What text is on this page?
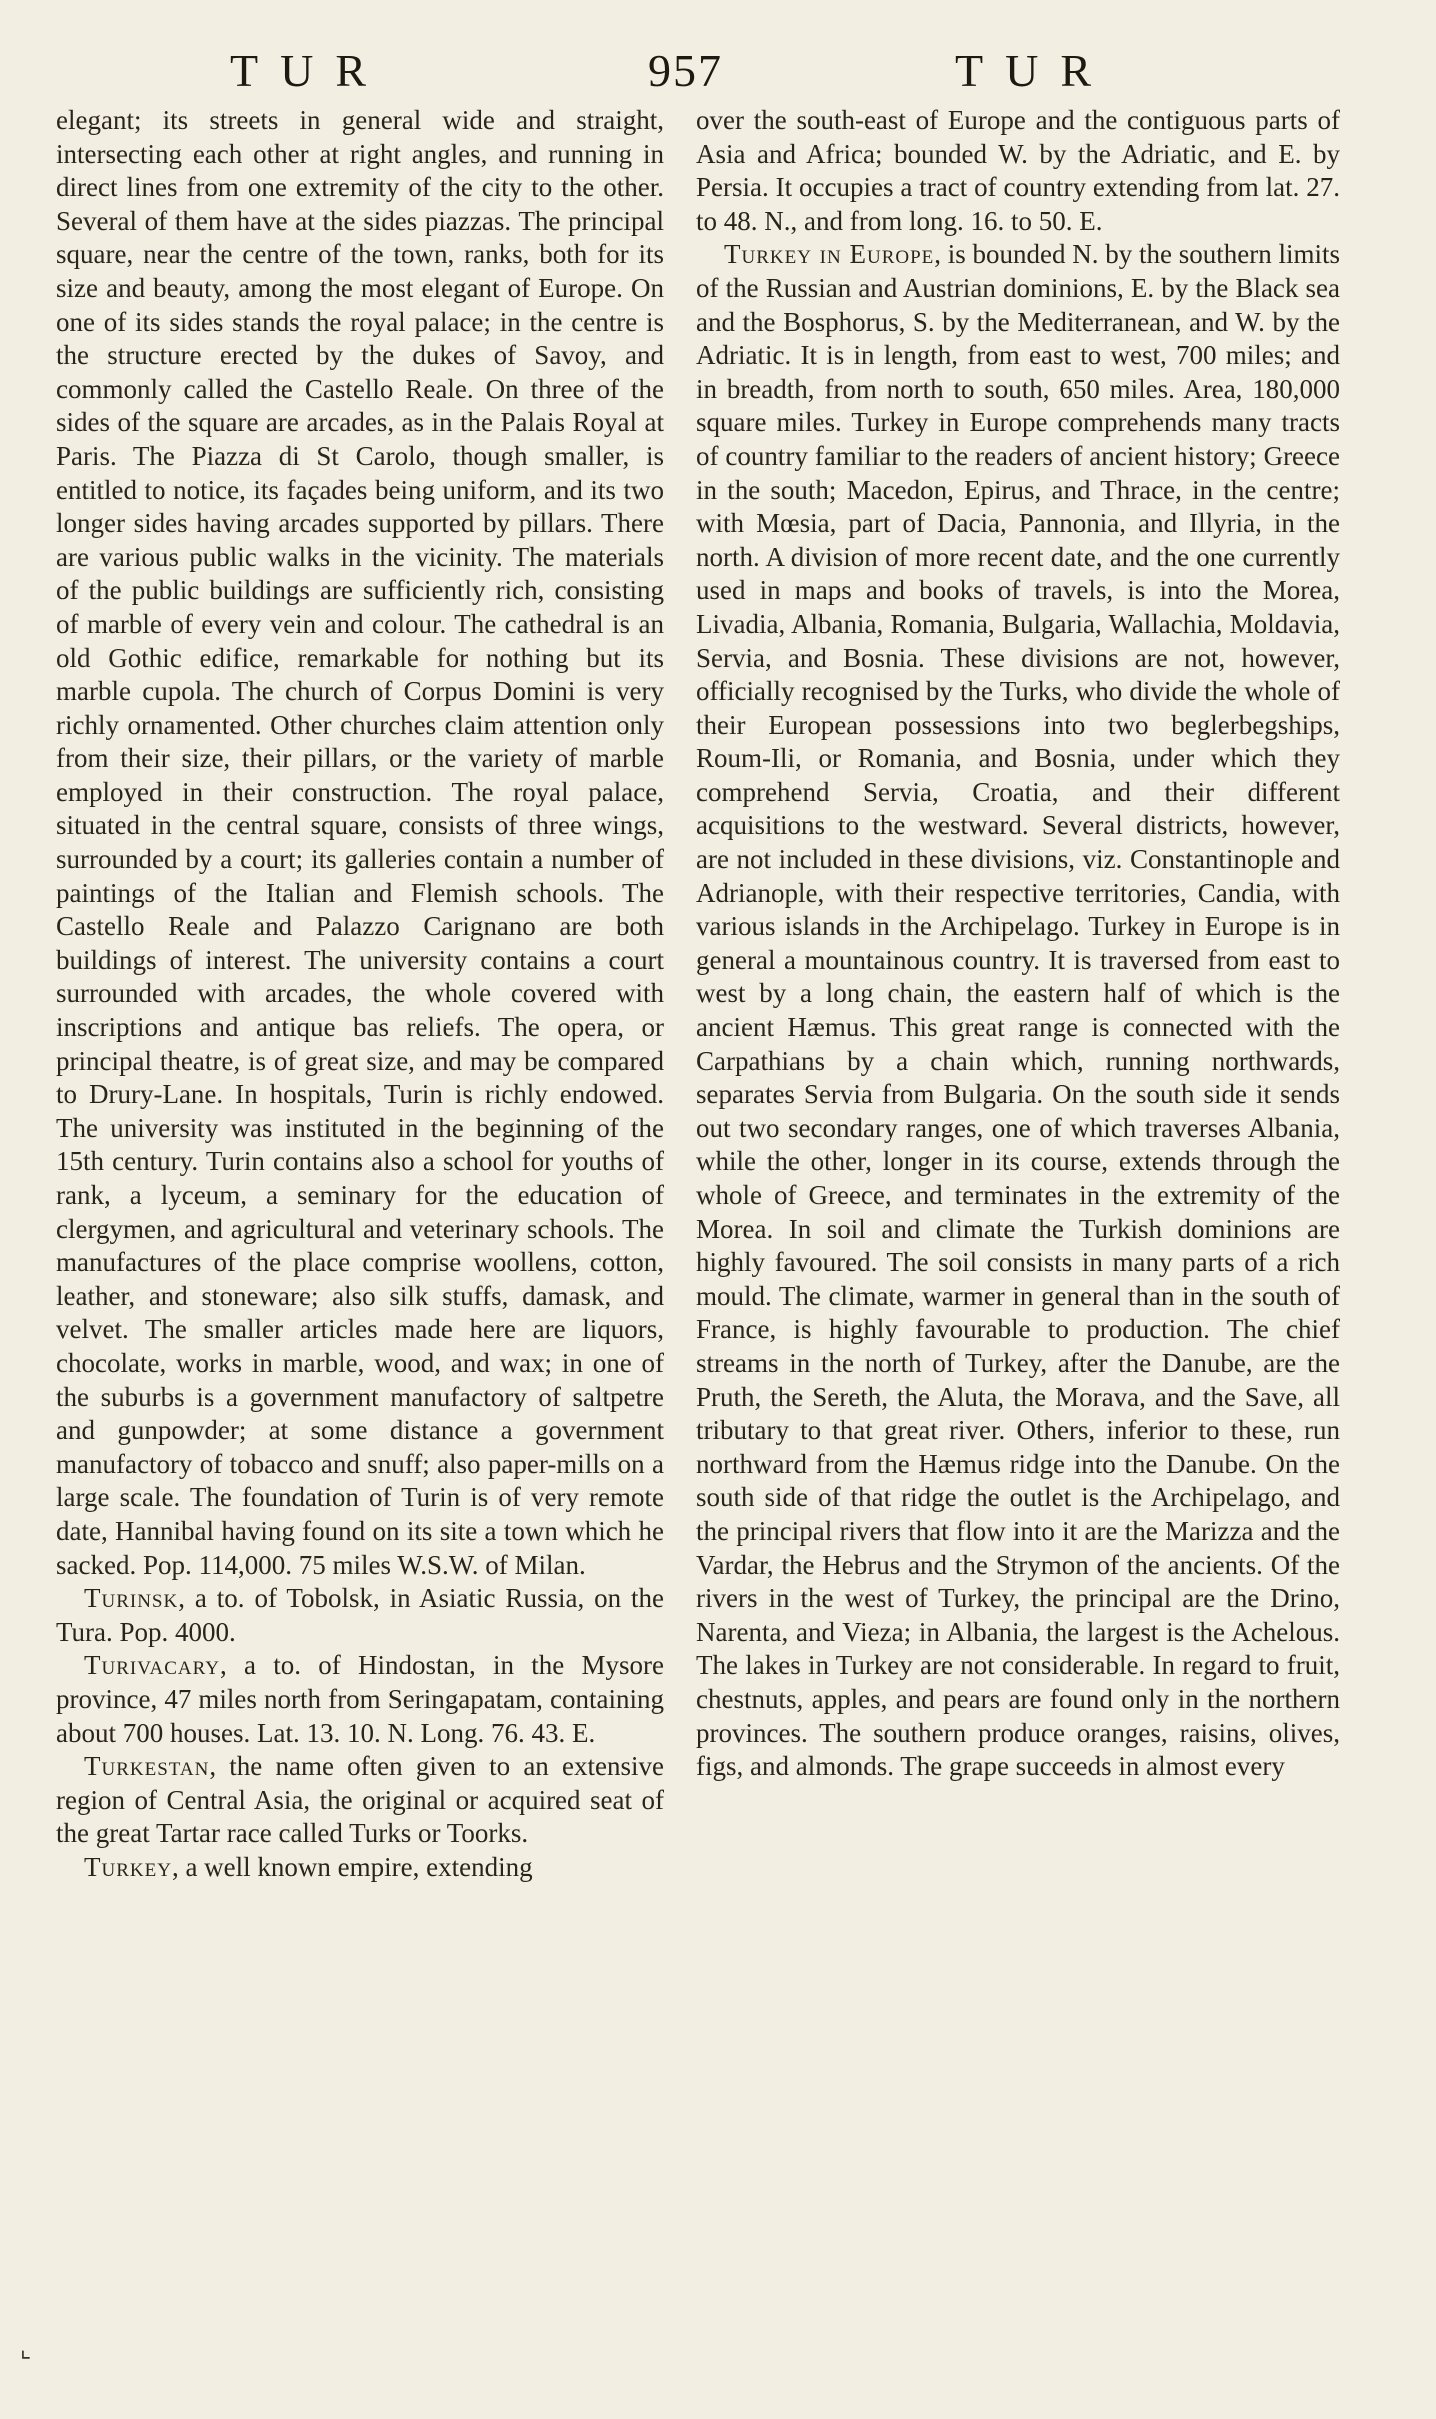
TUR	957	TUR

elegant; its streets in general wide and straight, intersecting each other at right angles, and running in direct lines from one extremity of the city to the other. Several of them have at the sides piazzas. The principal square, near the centre of the town, ranks, both for its size and beauty, among the most elegant of Europe. On one of its sides stands the royal palace; in the centre is the structure erected by the dukes of Savoy, and commonly called the Castello Reale. On three of the sides of the square are arcades, as in the Palais Royal at Paris. The Piazza di St Carolo, though smaller, is entitled to notice, its façades being uniform, and its two longer sides having arcades supported by pillars. There are various public walks in the vicinity. The materials of the public buildings are sufficiently rich, consisting of marble of every vein and colour. The cathedral is an old Gothic edifice, remarkable for nothing but its marble cupola. The church of Corpus Domini is very richly ornamented. Other churches claim attention only from their size, their pillars, or the variety of marble employed in their construction. The royal palace, situated in the central square, consists of three wings, surrounded by a court; its galleries contain a number of paintings of the Italian and Flemish schools. The Castello Reale and Palazzo Carignano are both buildings of interest. The university contains a court surrounded with arcades, the whole covered with inscriptions and antique bas reliefs. The opera, or principal theatre, is of great size, and may be compared to Drury-Lane. In hospitals, Turin is richly endowed. The university was instituted in the beginning of the 15th century. Turin contains also a school for youths of rank, a lyceum, a seminary for the education of clergymen, and agricultural and veterinary schools. The manufactures of the place comprise woollens, cotton, leather, and stoneware; also silk stuffs, damask, and velvet. The smaller articles made here are liquors, chocolate, works in marble, wood, and wax; in one of the suburbs is a government manufactory of saltpetre and gunpowder; at some distance a government manufactory of tobacco and snuff; also paper-mills on a large scale. The foundation of Turin is of very remote date, Hannibal having found on its site a town which he sacked. Pop. 114,000. 75 miles W.S.W. of Milan.

Turinsk, a to. of Tobolsk, in Asiatic Russia, on the Tura. Pop. 4000.

Turivacary, a to. of Hindostan, in the Mysore province, 47 miles north from Seringapatam, containing about 700 houses. Lat. 13. 10. N. Long. 76. 43. E.

Turkestan, the name often given to an extensive region of Central Asia, the original or acquired seat of the great Tartar race called Turks or Toorks.

Turkey, a well known empire, extending

over the south-east of Europe and the contiguous parts of Asia and Africa; bounded W. by the Adriatic, and E. by Persia. It occupies a tract of country extending from lat. 27. to 48. N., and from long. 16. to 50. E.

Turkey in Europe, is bounded N. by the southern limits of the Russian and Austrian dominions, E. by the Black sea and the Bosphorus, S. by the Mediterranean, and W. by the Adriatic. It is in length, from east to west, 700 miles; and in breadth, from north to south, 650 miles. Area, 180,000 square miles. Turkey in Europe comprehends many tracts of country familiar to the readers of ancient history; Greece in the south; Macedon, Epirus, and Thrace, in the centre; with Mœsia, part of Dacia, Pannonia, and Illyria, in the north. A division of more recent date, and the one currently used in maps and books of travels, is into the Morea, Livadia, Albania, Romania, Bulgaria, Wallachia, Moldavia, Servia, and Bosnia. These divisions are not, however, officially recognised by the Turks, who divide the whole of their European possessions into two beglerbegships, Roum-Ili, or Romania, and Bosnia, under which they comprehend Servia, Croatia, and their different acquisitions to the westward. Several districts, however, are not included in these divisions, viz. Constantinople and Adrianople, with their respective territories, Candia, with various islands in the Archipelago. Turkey in Europe is in general a mountainous country. It is traversed from east to west by a long chain, the eastern half of which is the ancient Hæmus. This great range is connected with the Carpathians by a chain which, running northwards, separates Servia from Bulgaria. On the south side it sends out two secondary ranges, one of which traverses Albania, while the other, longer in its course, extends through the whole of Greece, and terminates in the extremity of the Morea. In soil and climate the Turkish dominions are highly favoured. The soil consists in many parts of a rich mould. The climate, warmer in general than in the south of France, is highly favourable to production. The chief streams in the north of Turkey, after the Danube, are the Pruth, the Sereth, the Aluta, the Morava, and the Save, all tributary to that great river. Others, inferior to these, run northward from the Hæmus ridge into the Danube. On the south side of that ridge the outlet is the Archipelago, and the principal rivers that flow into it are the Marizza and the Vardar, the Hebrus and the Strymon of the ancients. Of the rivers in the west of Turkey, the principal are the Drino, Narenta, and Vieza; in Albania, the largest is the Achelous. The lakes in Turkey are not considerable. In regard to fruit, chestnuts, apples, and pears are found only in the northern provinces. The southern produce oranges, raisins, olives, figs, and almonds. The grape succeeds in almost every

⌞
